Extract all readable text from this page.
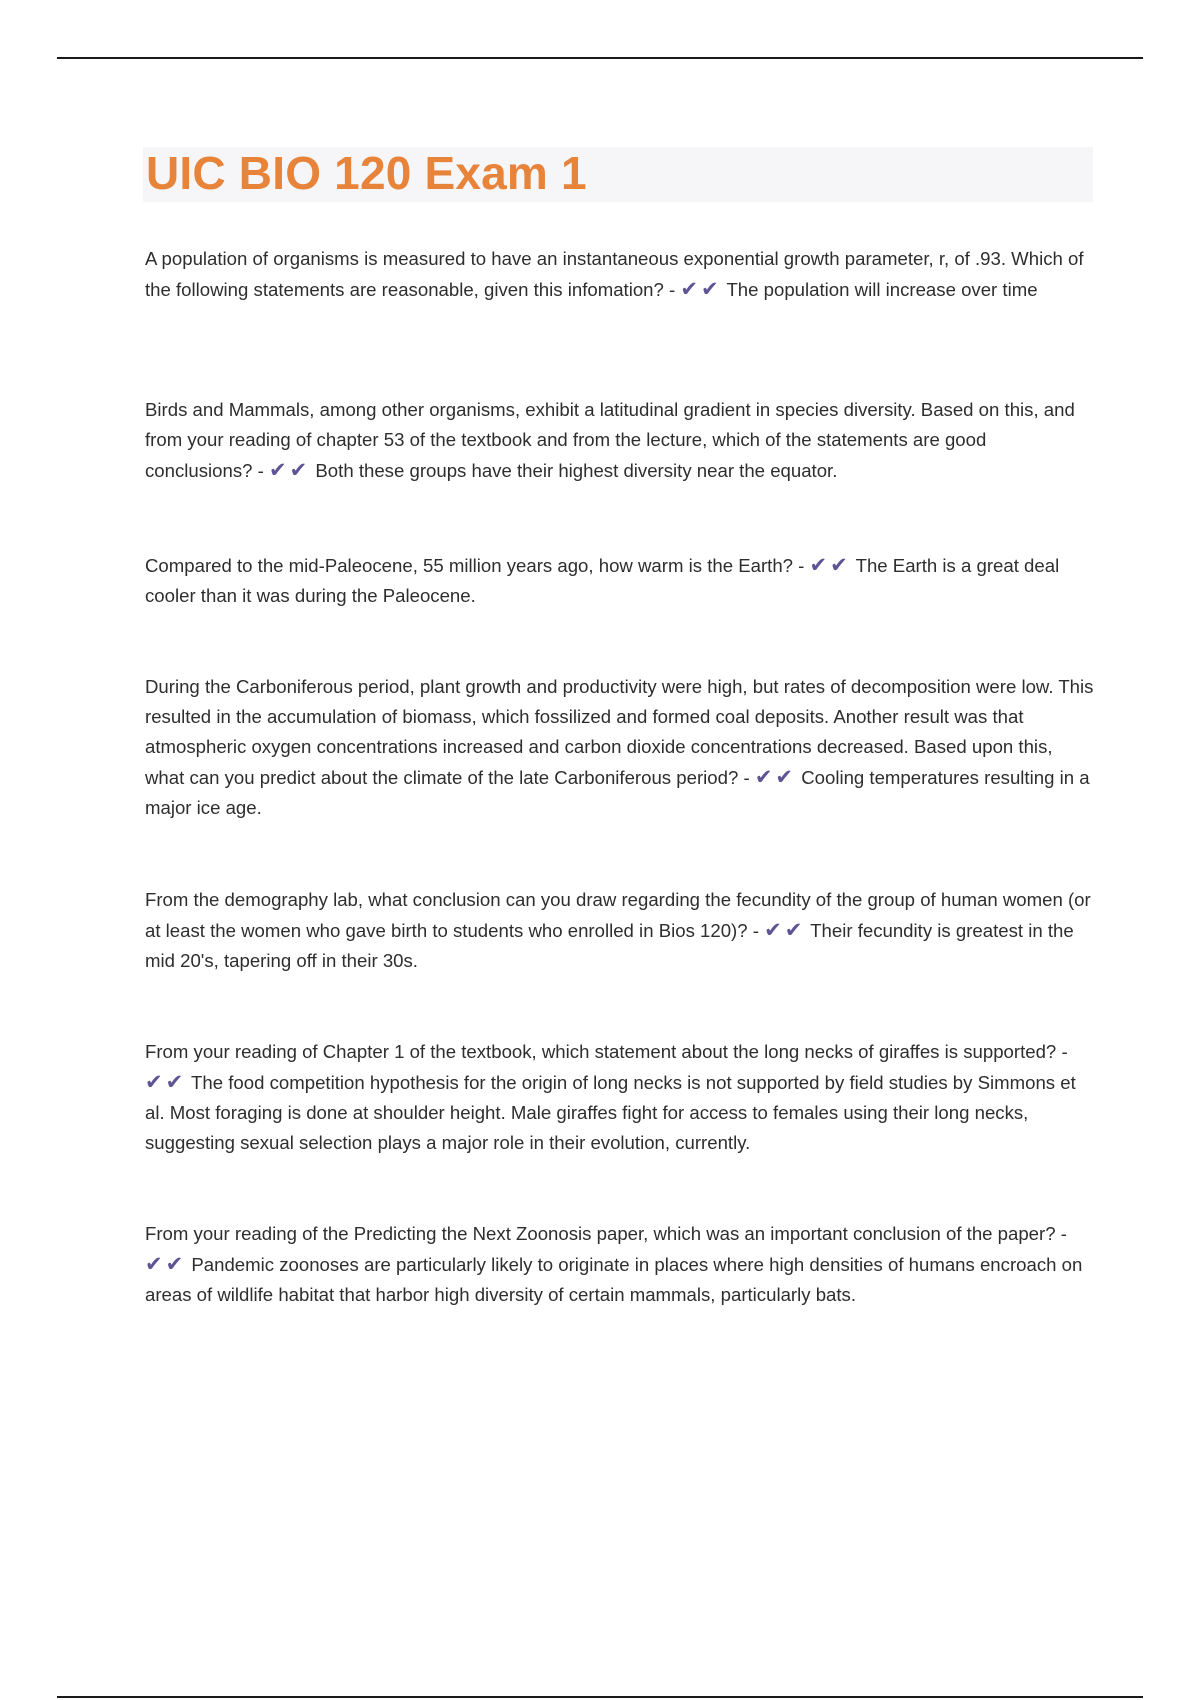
UIC BIO 120 Exam 1

A population of organisms is measured to have an instantaneous exponential growth parameter, r, of .93. Which of the following statements are reasonable, given this infomation? - ✔✔ The population will increase over time

Birds and Mammals, among other organisms, exhibit a latitudinal gradient in species diversity. Based on this, and from your reading of chapter 53 of the textbook and from the lecture, which of the statements are good conclusions? - ✔✔ Both these groups have their highest diversity near the equator.

Compared to the mid-Paleocene, 55 million years ago, how warm is the Earth? - ✔✔ The Earth is a great deal cooler than it was during the Paleocene.

During the Carboniferous period, plant growth and productivity were high, but rates of decomposition were low. This resulted in the accumulation of biomass, which fossilized and formed coal deposits. Another result was that atmospheric oxygen concentrations increased and carbon dioxide concentrations decreased. Based upon this, what can you predict about the climate of the late Carboniferous period? - ✔✔ Cooling temperatures resulting in a major ice age.

From the demography lab, what conclusion can you draw regarding the fecundity of the group of human women (or at least the women who gave birth to students who enrolled in Bios 120)? - ✔✔ Their fecundity is greatest in the mid 20's, tapering off in their 30s.

From your reading of Chapter 1 of the textbook, which statement about the long necks of giraffes is supported? - ✔✔ The food competition hypothesis for the origin of long necks is not supported by field studies by Simmons et al. Most foraging is done at shoulder height. Male giraffes fight for access to females using their long necks, suggesting sexual selection plays a major role in their evolution, currently.

From your reading of the Predicting the Next Zoonosis paper, which was an important conclusion of the paper? - ✔✔ Pandemic zoonoses are particularly likely to originate in places where high densities of humans encroach on areas of wildlife habitat that harbor high diversity of certain mammals, particularly bats.
